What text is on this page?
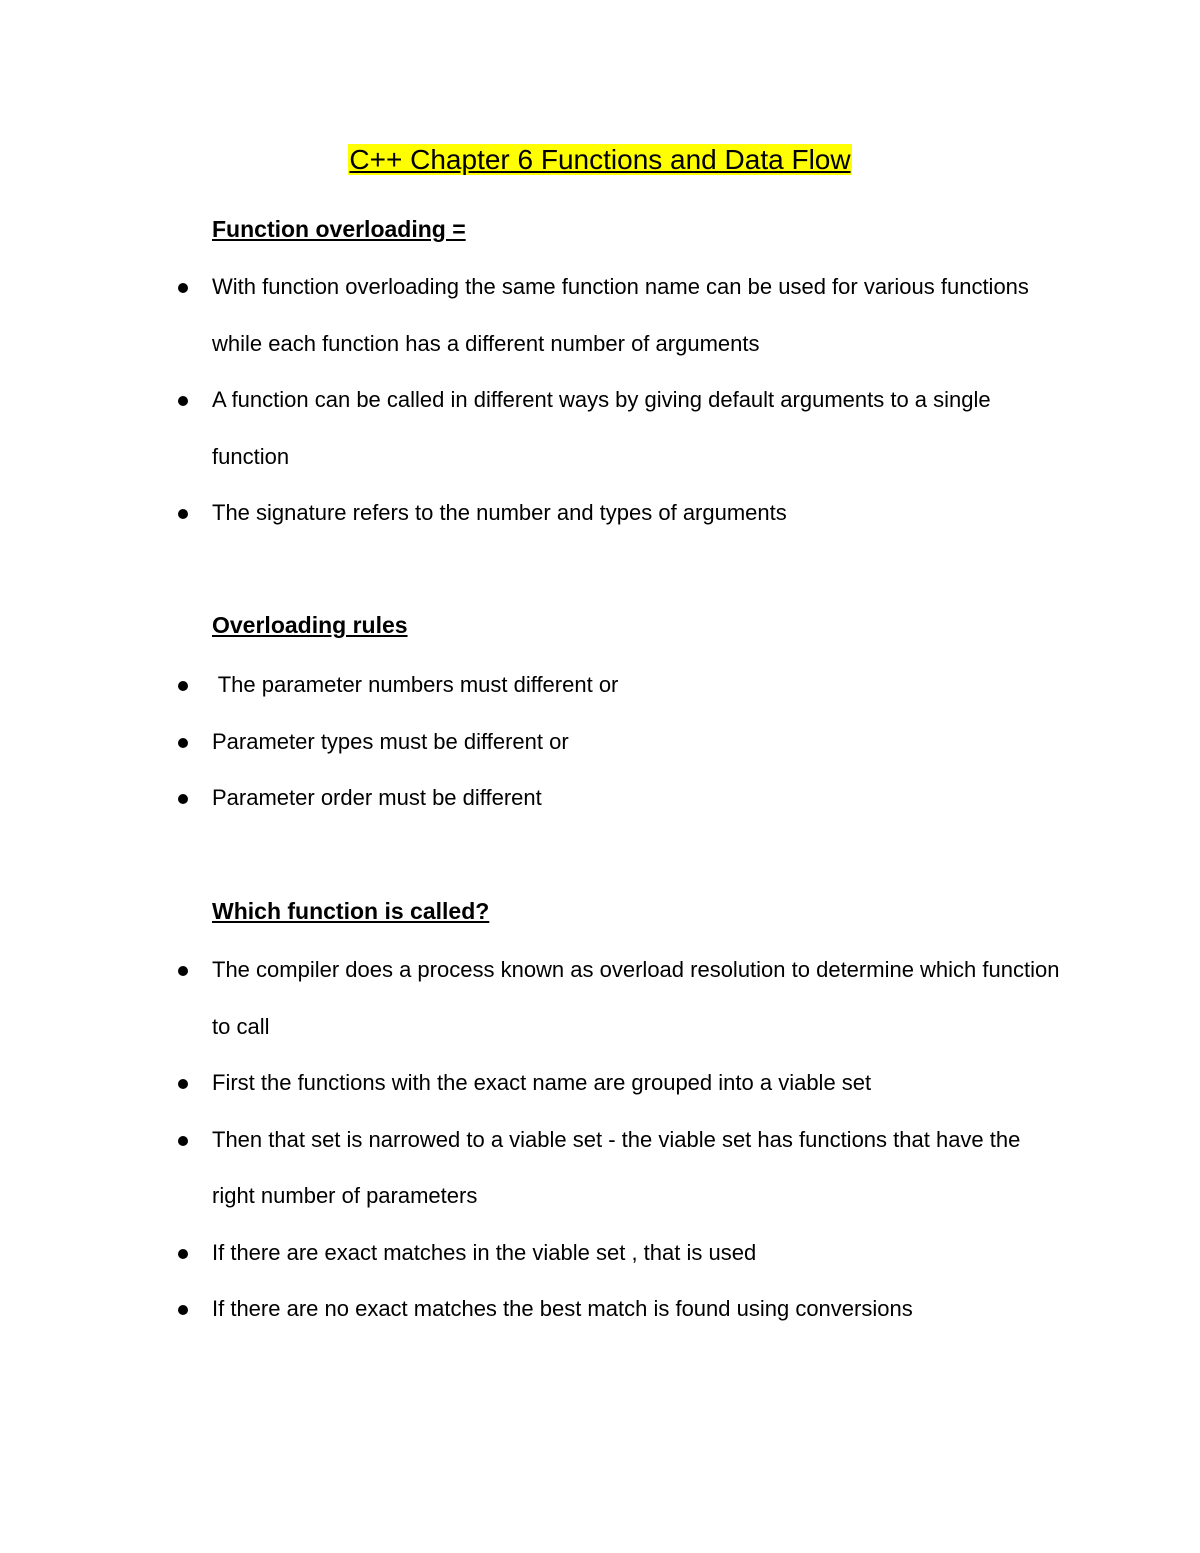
C++ Chapter 6 Functions and Data Flow
Function overloading =
With function overloading the same function name can be used for various functions while each function has a different number of arguments
A function can be called in different ways by giving default arguments to a single function
The signature refers to the number and types of arguments
Overloading rules
The parameter numbers must different or
Parameter types must be different or
Parameter order must be different
Which function is called?
The compiler does a process known as overload resolution to determine which function to call
First the functions with the exact name are grouped into a viable set
Then that set is narrowed to a viable set - the viable set has functions that have the right number of parameters
If there are exact matches in the viable set , that is used
If there are no exact matches the best match is found using conversions
